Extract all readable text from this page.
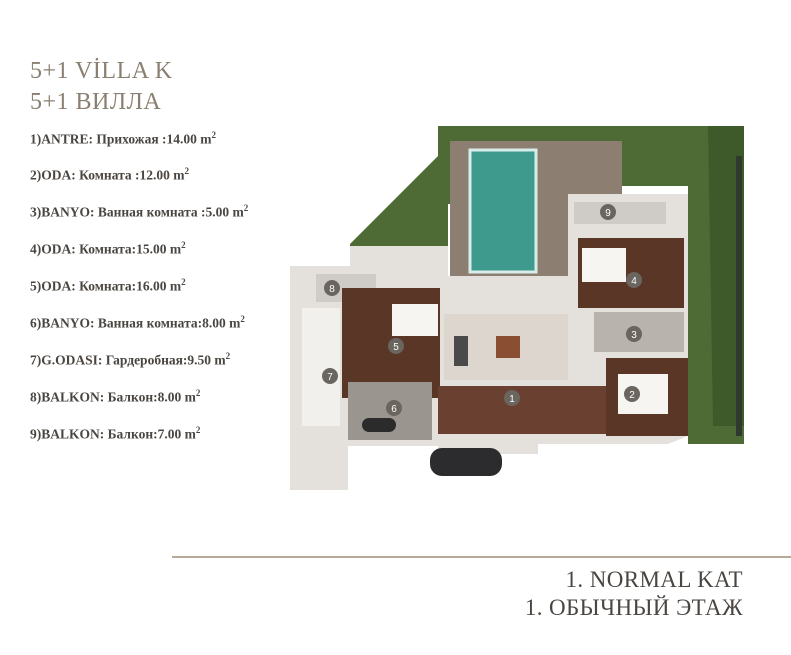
5+1 VİLLA K
5+1 ВИЛЛА
1)ANTRE: Прихожая :14.00 $m^2$
2)ODA: Комната :12.00 $m^2$
3)BANYO: Ванная комната :5.00 $m^2$
4)ODA: Комната:15.00 $m^2$
5)ODA: Комната:16.00 $m^2$
6)BANYO: Ванная комната:8.00 $m^2$
7)G.ODASI: Гардеробная:9.50 $m^2$
8)BALKON: Балкон:8.00 $m^2$
9)BALKON: Балкон:7.00 $m^2$
1	2
3
4
5
6
7
8
9
1. NORMAL KAT
1. ОБЫЧНЫЙ ЭТАЖ
